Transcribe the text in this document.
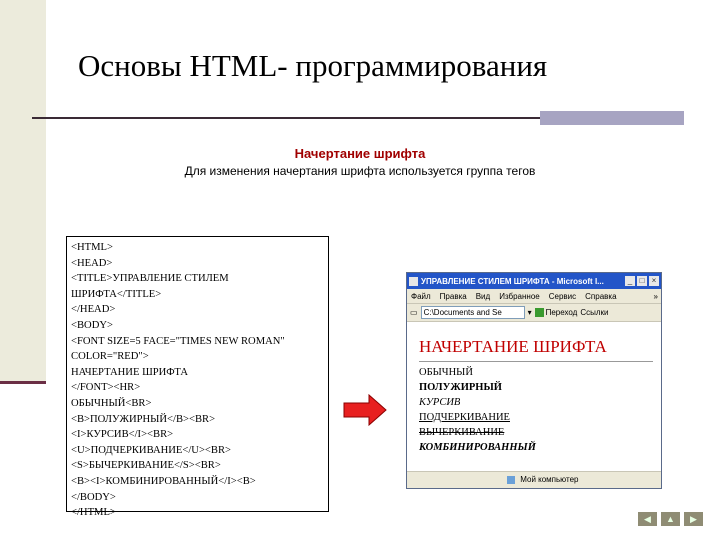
Основы HTML- программирования
Начертание шрифта
Для изменения начертания шрифта используется группа тегов
<HTML>
<HEAD>
<TITLE>УПРАВЛЕНИЕ СТИЛЕМ
ШРИФТА</TITLE>
</HEAD>
<BODY>
<FONT SIZE=5 FACE="TIMES NEW ROMAN"
COLOR="RED">
НАЧЕРТАНИЕ ШРИФТА
</FONT><HR>
ОБЫЧНЫЙ<BR>
<B>ПОЛУЖИРНЫЙ</B><BR>
<I>КУРСИВ</I><BR>
<U>ПОДЧЕРКИВАНИЕ</U><BR>
<S>БЫЧЕРКИВАНИЕ</S><BR>
<B><I>КОМБИНИРОВАННЫЙ</I><B>
</BODY>
</HTML>
УПРАВЛЕНИЕ СТИЛЕМ ШРИФТА - Microsoft I...	_ □ ×
Файл Правка Вид Избранное Сервис Справка	»
▭ C:\Documents and Se	▾ Переход Ссылки
НАЧЕРТАНИЕ ШРИФТА
ОБЫЧНЫЙ
ПОЛУЖИРНЫЙ
КУРСИВ
ПОДЧЕРКИВАНИЕ
ВЫЧЕРКИВАНИЕ
КОМБИНИРОВАННЫЙ
Мой компьютер
◀	▲	▶
